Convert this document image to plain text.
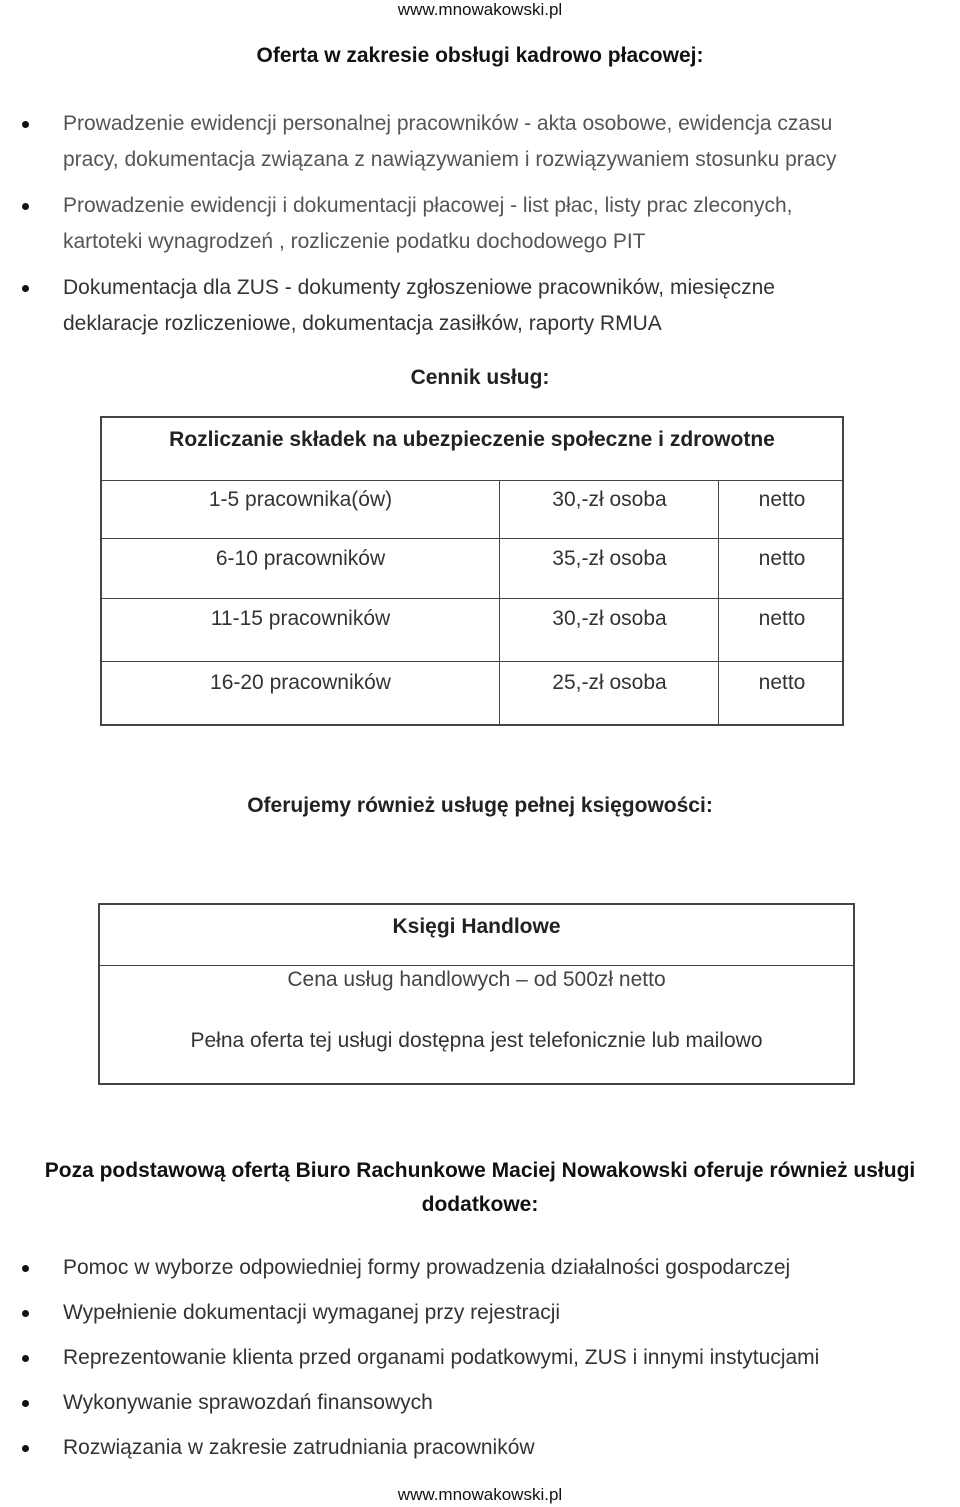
www.mnowakowski.pl
Oferta w zakresie obsługi kadrowo płacowej:
Prowadzenie ewidencji personalnej pracowników - akta osobowe, ewidencja czasu
pracy, dokumentacja związana z nawiązywaniem i rozwiązywaniem stosunku pracy
Prowadzenie ewidencji i dokumentacji płacowej - list płac, listy prac zleconych,
kartoteki wynagrodzeń , rozliczenie podatku dochodowego PIT
Dokumentacja dla ZUS - dokumenty zgłoszeniowe pracowników, miesięczne
deklaracje rozliczeniowe, dokumentacja zasiłków, raporty RMUA
Cennik usług:
Rozliczanie składek na ubezpieczenie społeczne i zdrowotne
1-5 pracownika(ów)	30,-zł osoba	netto
6-10 pracowników	35,-zł osoba	netto
11-15 pracowników	30,-zł osoba	netto
16-20 pracowników	25,-zł osoba	netto
Oferujemy również usługę pełnej księgowości:
Księgi Handlowe
Cena usług handlowych – od 500zł netto
Pełna oferta tej usługi dostępna jest telefonicznie lub mailowo
Poza podstawową ofertą Biuro Rachunkowe Maciej Nowakowski oferuje również usługi
dodatkowe:
Pomoc w wyborze odpowiedniej formy prowadzenia działalności gospodarczej
Wypełnienie dokumentacji wymaganej przy rejestracji
Reprezentowanie klienta przed organami podatkowymi, ZUS i innymi instytucjami
Wykonywanie sprawozdań finansowych
Rozwiązania w zakresie zatrudniania pracowników
www.mnowakowski.pl
